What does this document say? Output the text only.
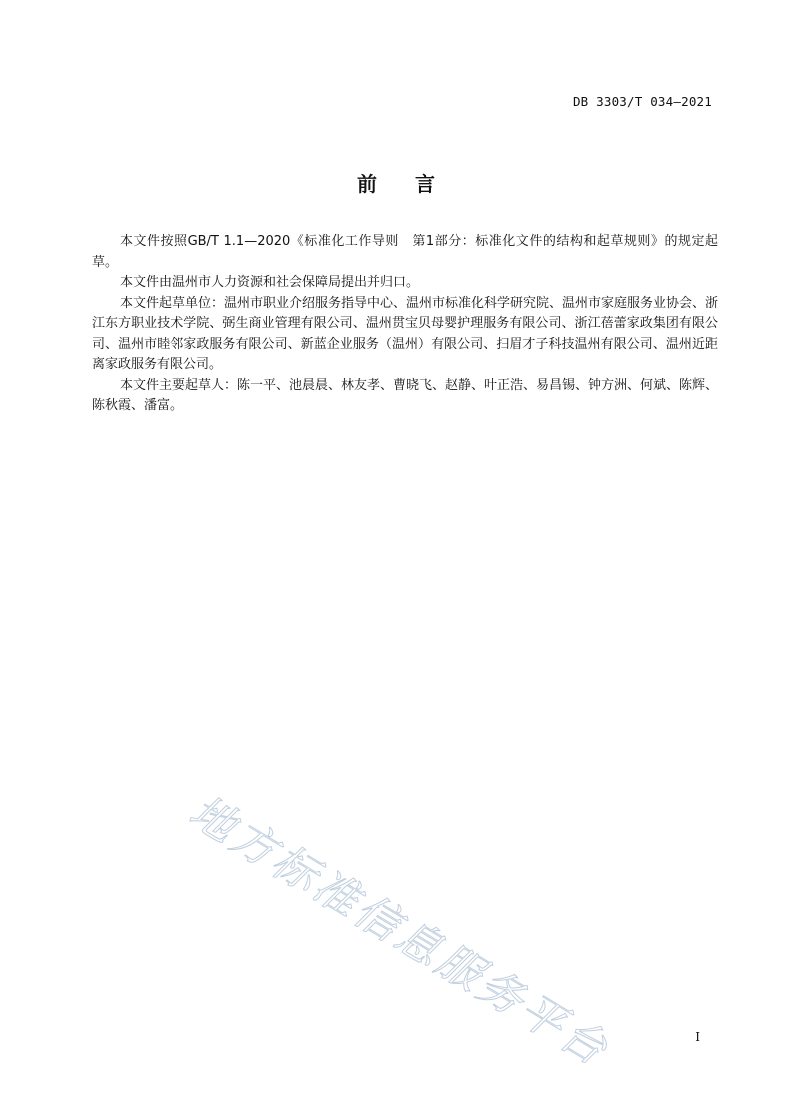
DB 3303/T 034—2021
前言

本文件按照GB/T 1.1—2020《标准化工作导则　第1部分：标准化文件的结构和起草规则》的规定起草。

本文件由温州市人力资源和社会保障局提出并归口。

本文件起草单位：温州市职业介绍服务指导中心、温州市标准化科学研究院、温州市家庭服务业协会、浙江东方职业技术学院、弼生商业管理有限公司、温州贯宝贝母婴护理服务有限公司、浙江蓓蕾家政集团有限公司、温州市睦邻家政服务有限公司、新蓝企业服务（温州）有限公司、扫眉才子科技温州有限公司、温州近距离家政服务有限公司。

本文件主要起草人：陈一平、池晨晨、林友孝、曹晓飞、赵静、叶正浩、易昌锡、钟方洲、何斌、陈辉、陈秋霞、潘富。

地方标准信息服务平台	I
